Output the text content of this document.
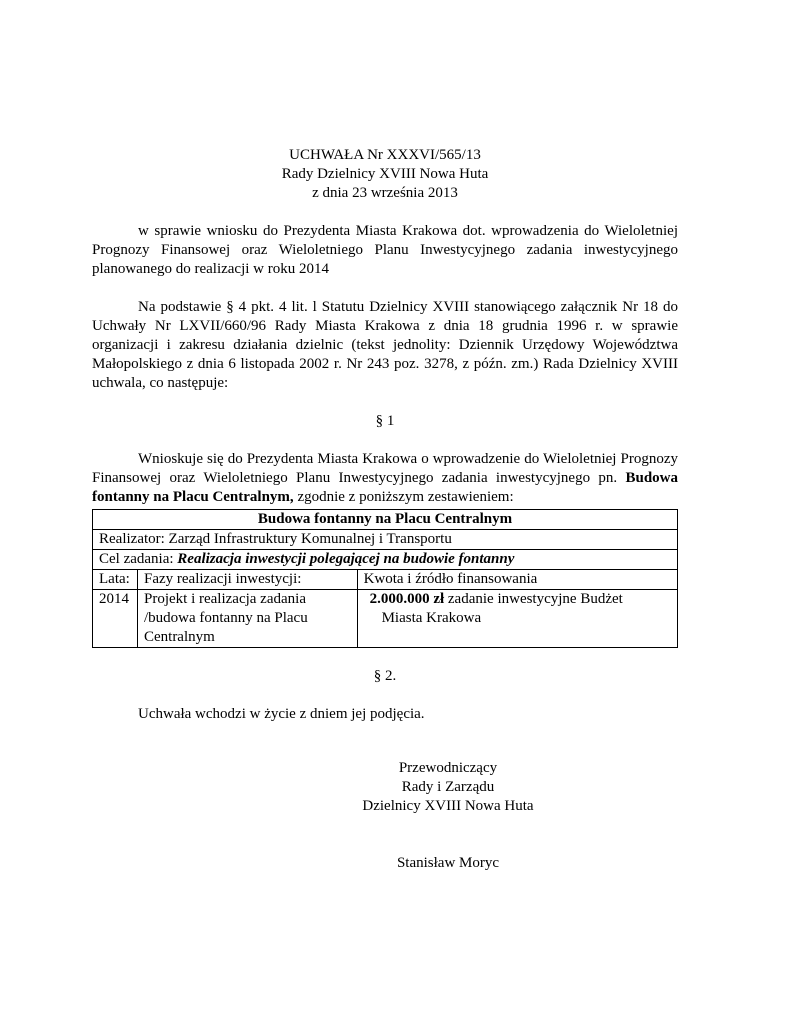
UCHWAŁA Nr XXXVI/565/13
Rady Dzielnicy XVIII Nowa Huta
z dnia 23 września 2013
w sprawie wniosku do Prezydenta Miasta Krakowa dot. wprowadzenia do Wieloletniej Prognozy Finansowej oraz Wieloletniego Planu Inwestycyjnego zadania inwestycyjnego planowanego do realizacji w roku 2014
Na podstawie § 4 pkt. 4 lit. l Statutu Dzielnicy XVIII stanowiącego załącznik Nr 18 do Uchwały Nr LXVII/660/96 Rady Miasta Krakowa z dnia 18 grudnia 1996 r. w sprawie organizacji i zakresu działania dzielnic (tekst jednolity: Dziennik Urzędowy Województwa Małopolskiego z dnia 6 listopada 2002 r. Nr 243 poz. 3278, z późn. zm.) Rada Dzielnicy XVIII uchwala, co następuje:
§ 1
Wnioskuje się do Prezydenta Miasta Krakowa o wprowadzenie do Wieloletniej Prognozy Finansowej oraz Wieloletniego Planu Inwestycyjnego zadania inwestycyjnego pn. Budowa fontanny na Placu Centralnym, zgodnie z poniższym zestawieniem:
Budowa fontanny na Placu Centralnym		
Realizator: Zarząd Infrastruktury Komunalnej i Transportu		
Cel zadania: Realizacja inwestycji polegającej na budowie fontanny		
Lata:	Fazy realizacji inwestycji:	Kwota i źródło finansowania
2014	Projekt i realizacja zadania /budowa fontanny na Placu Centralnym	2.000.000 zł zadanie inwestycyjne Budżet Miasta Krakowa
§ 2.
Uchwała wchodzi w życie z dniem jej podjęcia.
Przewodniczący
Rady i Zarządu
Dzielnicy XVIII Nowa Huta
Stanisław Moryc
